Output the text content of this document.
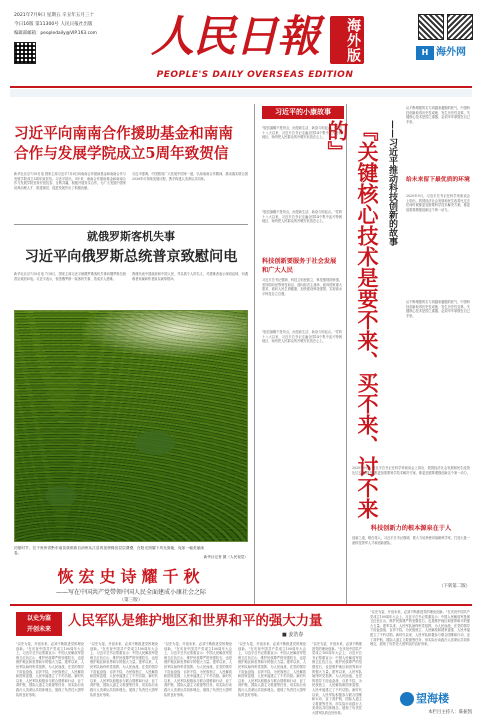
2021年7月9日 星期五 辛丑年五月三十
今日16版 第11300号 人民日报社出版
编辑部邮箱：peopledaily@VIP.163.com	人民日報	海外版
PEOPLE'S DAILY OVERSEAS EDITION
H 海外网
习近平向南南合作援助基金和南南
合作与发展学院成立5周年致贺信
新华社北京7月8日电 国家主席习近平7月8日向南南合作援助基金和南南合作与发展学院成立5周年致贺信。习近平指出，5年来，南南合作援助基金和南南合作与发展学院坚持开放包容、互利共赢，积极开展务实合作，为广大发展中国家培养治理人才、推进减贫、促进发展作出了积极贡献。
习近平强调，中国愿同广大发展中国家一道，弘扬南南合作精神，推动落实联合国2030年可持续发展议程，携手构建人类命运共同体。
就俄罗斯客机失事
习近平向俄罗斯总统普京致慰问电
新华社北京7月8日电 7月8日，国家主席习近平就俄罗斯客机失事向俄罗斯总统普京致慰问电。习近平表示，惊悉俄罗斯一架客机失事，造成多人遇难。
我谨代表中国政府和中国人民，并以我个人的名义，对遇难者表示深切哀悼，向遇难者家属和伤者致以诚挚慰问。
初夏时节，位于贵州省黔东南苗族侗族自治州从江县的加榜梯田层层叠叠，在阳光照耀下风光旖旎，宛如一幅美丽画卷。
新华社记者 摄（人民视觉）
恢宏史诗耀千秋
——写在中国共产党带领中国人民全面建成小康社会之际
（第三版）
习近平的小康故事
"脱贫摘帽不是终点，而是新生活、新奋斗的起点。"党的十八大以来，习近平总书记走遍全国14个集中连片特困地区，始终把人民群众的冷暖安危放在心上。
"脱贫摘帽不是终点，而是新生活、新奋斗的起点。"党的十八大以来，习近平总书记走遍全国14个集中连片特困地区，始终把人民群众的冷暖安危放在心上。
科技创新要服务于社会发展和广大人民
习近平总书记强调，科技立则民族立，科技强则国家强。坚持面向世界科技前沿、面向经济主战场、面向国家重大需求、面向人民生命健康，加快建设科技强国，实现高水平科技自立自强。
"脱贫摘帽不是终点，而是新生活、新奋斗的起点。"党的十八大以来，习近平总书记走遍全国14个集中连片特困地区，始终把人民群众的冷暖安危放在心上。	『关键核心技术是要不来、买不来、讨不来的』	——习近平推动科技创新的故事
从不断增强的实力到越来越强的底气，中国科技创新取得历史性成就、发生历史性变革。关键核心技术是国之重器，必须牢牢掌握在自己手里。
给未来留下最优质的环境
2020年9月，习近平总书记在科学家座谈会上指出，我国经济社会发展和民生改善比过去任何时候都更加需要科学技术解决方案，都更加需要增强创新这个第一动力。
从不断增强的实力到越来越强的底气，中国科技创新取得历史性成就、发生历史性变革。关键核心技术是国之重器，必须牢牢掌握在自己手里。
2020年9月，习近平总书记在科学家座谈会上指出，我国经济社会发展和民生改善比过去任何时候都更加需要科学技术解决方案，都更加需要增强创新这个第一动力。
科技创新力的根本源泉在于人
创新之道，唯在得人。习近平总书记强调，要大力培养使用战略科学家，打造大批一流科技领军人才和创新团队。
（下转第二版）
以史为鉴
开创未来
人民军队是维护地区和世界和平的强大力量
■ 姜浩春
"以史为鉴，开创未来，必须不断推进党的理论创新。"在庆祝中国共产党成立100周年大会上，习近平总书记郑重宣示：中国人民解放军是保卫红色江山、维护民族尊严的坚强柱石，也是维护地区和世界和平的强大力量。建军以来，人民军队始终听党指挥，为人民而战，在党的领导下浴血奋战、百折不挠，为民族独立、人民解放和国家富强、人民幸福建立了不朽功勋。新时代以来，人民军队积极参与联合国维和行动、亚丁湾护航、国际人道主义救援等任务，用实际行动践行人类命运共同体理念，展现了负责任大国军队的良好形象。
"以史为鉴，开创未来，必须不断推进党的理论创新。"在庆祝中国共产党成立100周年大会上，习近平总书记郑重宣示：中国人民解放军是保卫红色江山、维护民族尊严的坚强柱石，也是维护地区和世界和平的强大力量。建军以来，人民军队始终听党指挥，为人民而战，在党的领导下浴血奋战、百折不挠，为民族独立、人民解放和国家富强、人民幸福建立了不朽功勋。新时代以来，人民军队积极参与联合国维和行动、亚丁湾护航、国际人道主义救援等任务，用实际行动践行人类命运共同体理念，展现了负责任大国军队的良好形象。
"以史为鉴，开创未来，必须不断推进党的理论创新。"在庆祝中国共产党成立100周年大会上，习近平总书记郑重宣示：中国人民解放军是保卫红色江山、维护民族尊严的坚强柱石，也是维护地区和世界和平的强大力量。建军以来，人民军队始终听党指挥，为人民而战，在党的领导下浴血奋战、百折不挠，为民族独立、人民解放和国家富强、人民幸福建立了不朽功勋。新时代以来，人民军队积极参与联合国维和行动、亚丁湾护航、国际人道主义救援等任务，用实际行动践行人类命运共同体理念，展现了负责任大国军队的良好形象。
"以史为鉴，开创未来，必须不断推进党的理论创新。"在庆祝中国共产党成立100周年大会上，习近平总书记郑重宣示：中国人民解放军是保卫红色江山、维护民族尊严的坚强柱石，也是维护地区和世界和平的强大力量。建军以来，人民军队始终听党指挥，为人民而战，在党的领导下浴血奋战、百折不挠，为民族独立、人民解放和国家富强、人民幸福建立了不朽功勋。新时代以来，人民军队积极参与联合国维和行动、亚丁湾护航、国际人道主义救援等任务，用实际行动践行人类命运共同体理念，展现了负责任大国军队的良好形象。
"以史为鉴，开创未来，必须不断推进党的理论创新。"在庆祝中国共产党成立100周年大会上，习近平总书记郑重宣示：中国人民解放军是保卫红色江山、维护民族尊严的坚强柱石，也是维护地区和世界和平的强大力量。建军以来，人民军队始终听党指挥，为人民而战，在党的领导下浴血奋战、百折不挠，为民族独立、人民解放和国家富强、人民幸福建立了不朽功勋。新时代以来，人民军队积极参与联合国维和行动、亚丁湾护航、国际人道主义救援等任务，用实际行动践行人类命运共同体理念，展现了负责任大国军队的良好形象。
"以史为鉴，开创未来，必须不断推进党的理论创新。"在庆祝中国共产党成立100周年大会上，习近平总书记郑重宣示：中国人民解放军是保卫红色江山、维护民族尊严的坚强柱石，也是维护地区和世界和平的强大力量。建军以来，人民军队始终听党指挥，为人民而战，在党的领导下浴血奋战、百折不挠，为民族独立、人民解放和国家富强、人民幸福建立了不朽功勋。新时代以来，人民军队积极参与联合国维和行动、亚丁湾护航、国际人道主义救援等任务，用实际行动践行人类命运共同体理念，展现了负责任大国军队的良好形象。
望海楼
本栏目主持人：陈振凯
